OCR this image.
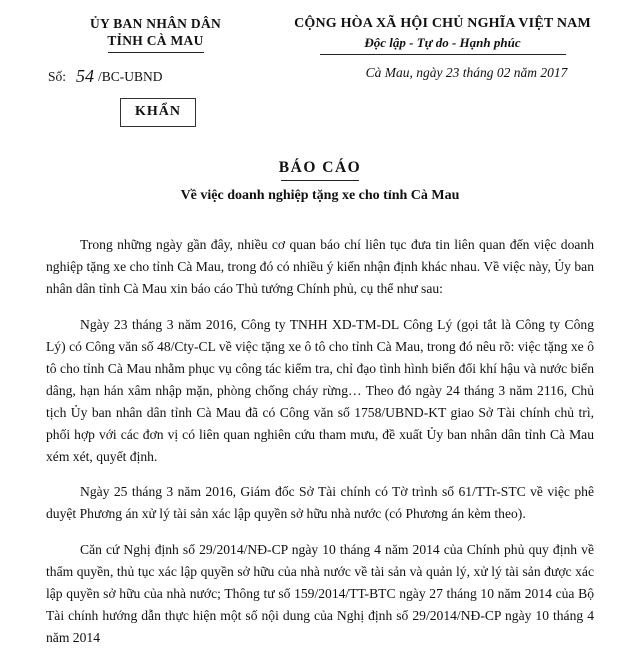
ỦY BAN NHÂN DÂN
TỈNH CÀ MAU
CỘNG HÒA XÃ HỘI CHỦ NGHĨA VIỆT NAM
Độc lập - Tự do - Hạnh phúc
Số: 54 /BC-UBND	Cà Mau, ngày 23 tháng 02 năm 2017
KHẨN
BÁO CÁO
Về việc doanh nghiệp tặng xe cho tỉnh Cà Mau

Trong những ngày gần đây, nhiều cơ quan báo chí liên tục đưa tin liên quan đến việc doanh nghiệp tặng xe cho tỉnh Cà Mau, trong đó có nhiều ý kiến nhận định khác nhau. Về việc này, Ủy ban nhân dân tỉnh Cà Mau xin báo cáo Thủ tướng Chính phủ, cụ thể như sau:

Ngày 23 tháng 3 năm 2016, Công ty TNHH XD-TM-DL Công Lý (gọi tắt là Công ty Công Lý) có Công văn số 48/Cty-CL về việc tặng xe ô tô cho tỉnh Cà Mau, trong đó nêu rõ: việc tặng xe ô tô cho tỉnh Cà Mau nhằm phục vụ công tác kiểm tra, chỉ đạo tình hình biến đổi khí hậu và nước biển dâng, hạn hán xâm nhập mặn, phòng chống cháy rừng… Theo đó ngày 24 tháng 3 năm 2116, Chủ tịch Ủy ban nhân dân tỉnh Cà Mau đã có Công văn số 1758/UBND-KT giao Sở Tài chính chủ trì, phối hợp với các đơn vị có liên quan nghiên cứu tham mưu, đề xuất Ủy ban nhân dân tỉnh Cà Mau xém xét, quyết định.

Ngày 25 tháng 3 năm 2016, Giám đốc Sở Tài chính có Tờ trình số 61/TTr-STC về việc phê duyệt Phương án xử lý tài sản xác lập quyền sở hữu nhà nước (có Phương án kèm theo).

Căn cứ Nghị định số 29/2014/NĐ-CP ngày 10 tháng 4 năm 2014 của Chính phủ quy định về thẩm quyền, thủ tục xác lập quyền sở hữu của nhà nước về tài sản và quản lý, xử lý tài sản được xác lập quyền sở hữu của nhà nước; Thông tư số 159/2014/TT-BTC ngày 27 tháng 10 năm 2014 của Bộ Tài chính hướng dẫn thực hiện một số nội dung của Nghị định số 29/2014/NĐ-CP ngày 10 tháng 4 năm 2014
